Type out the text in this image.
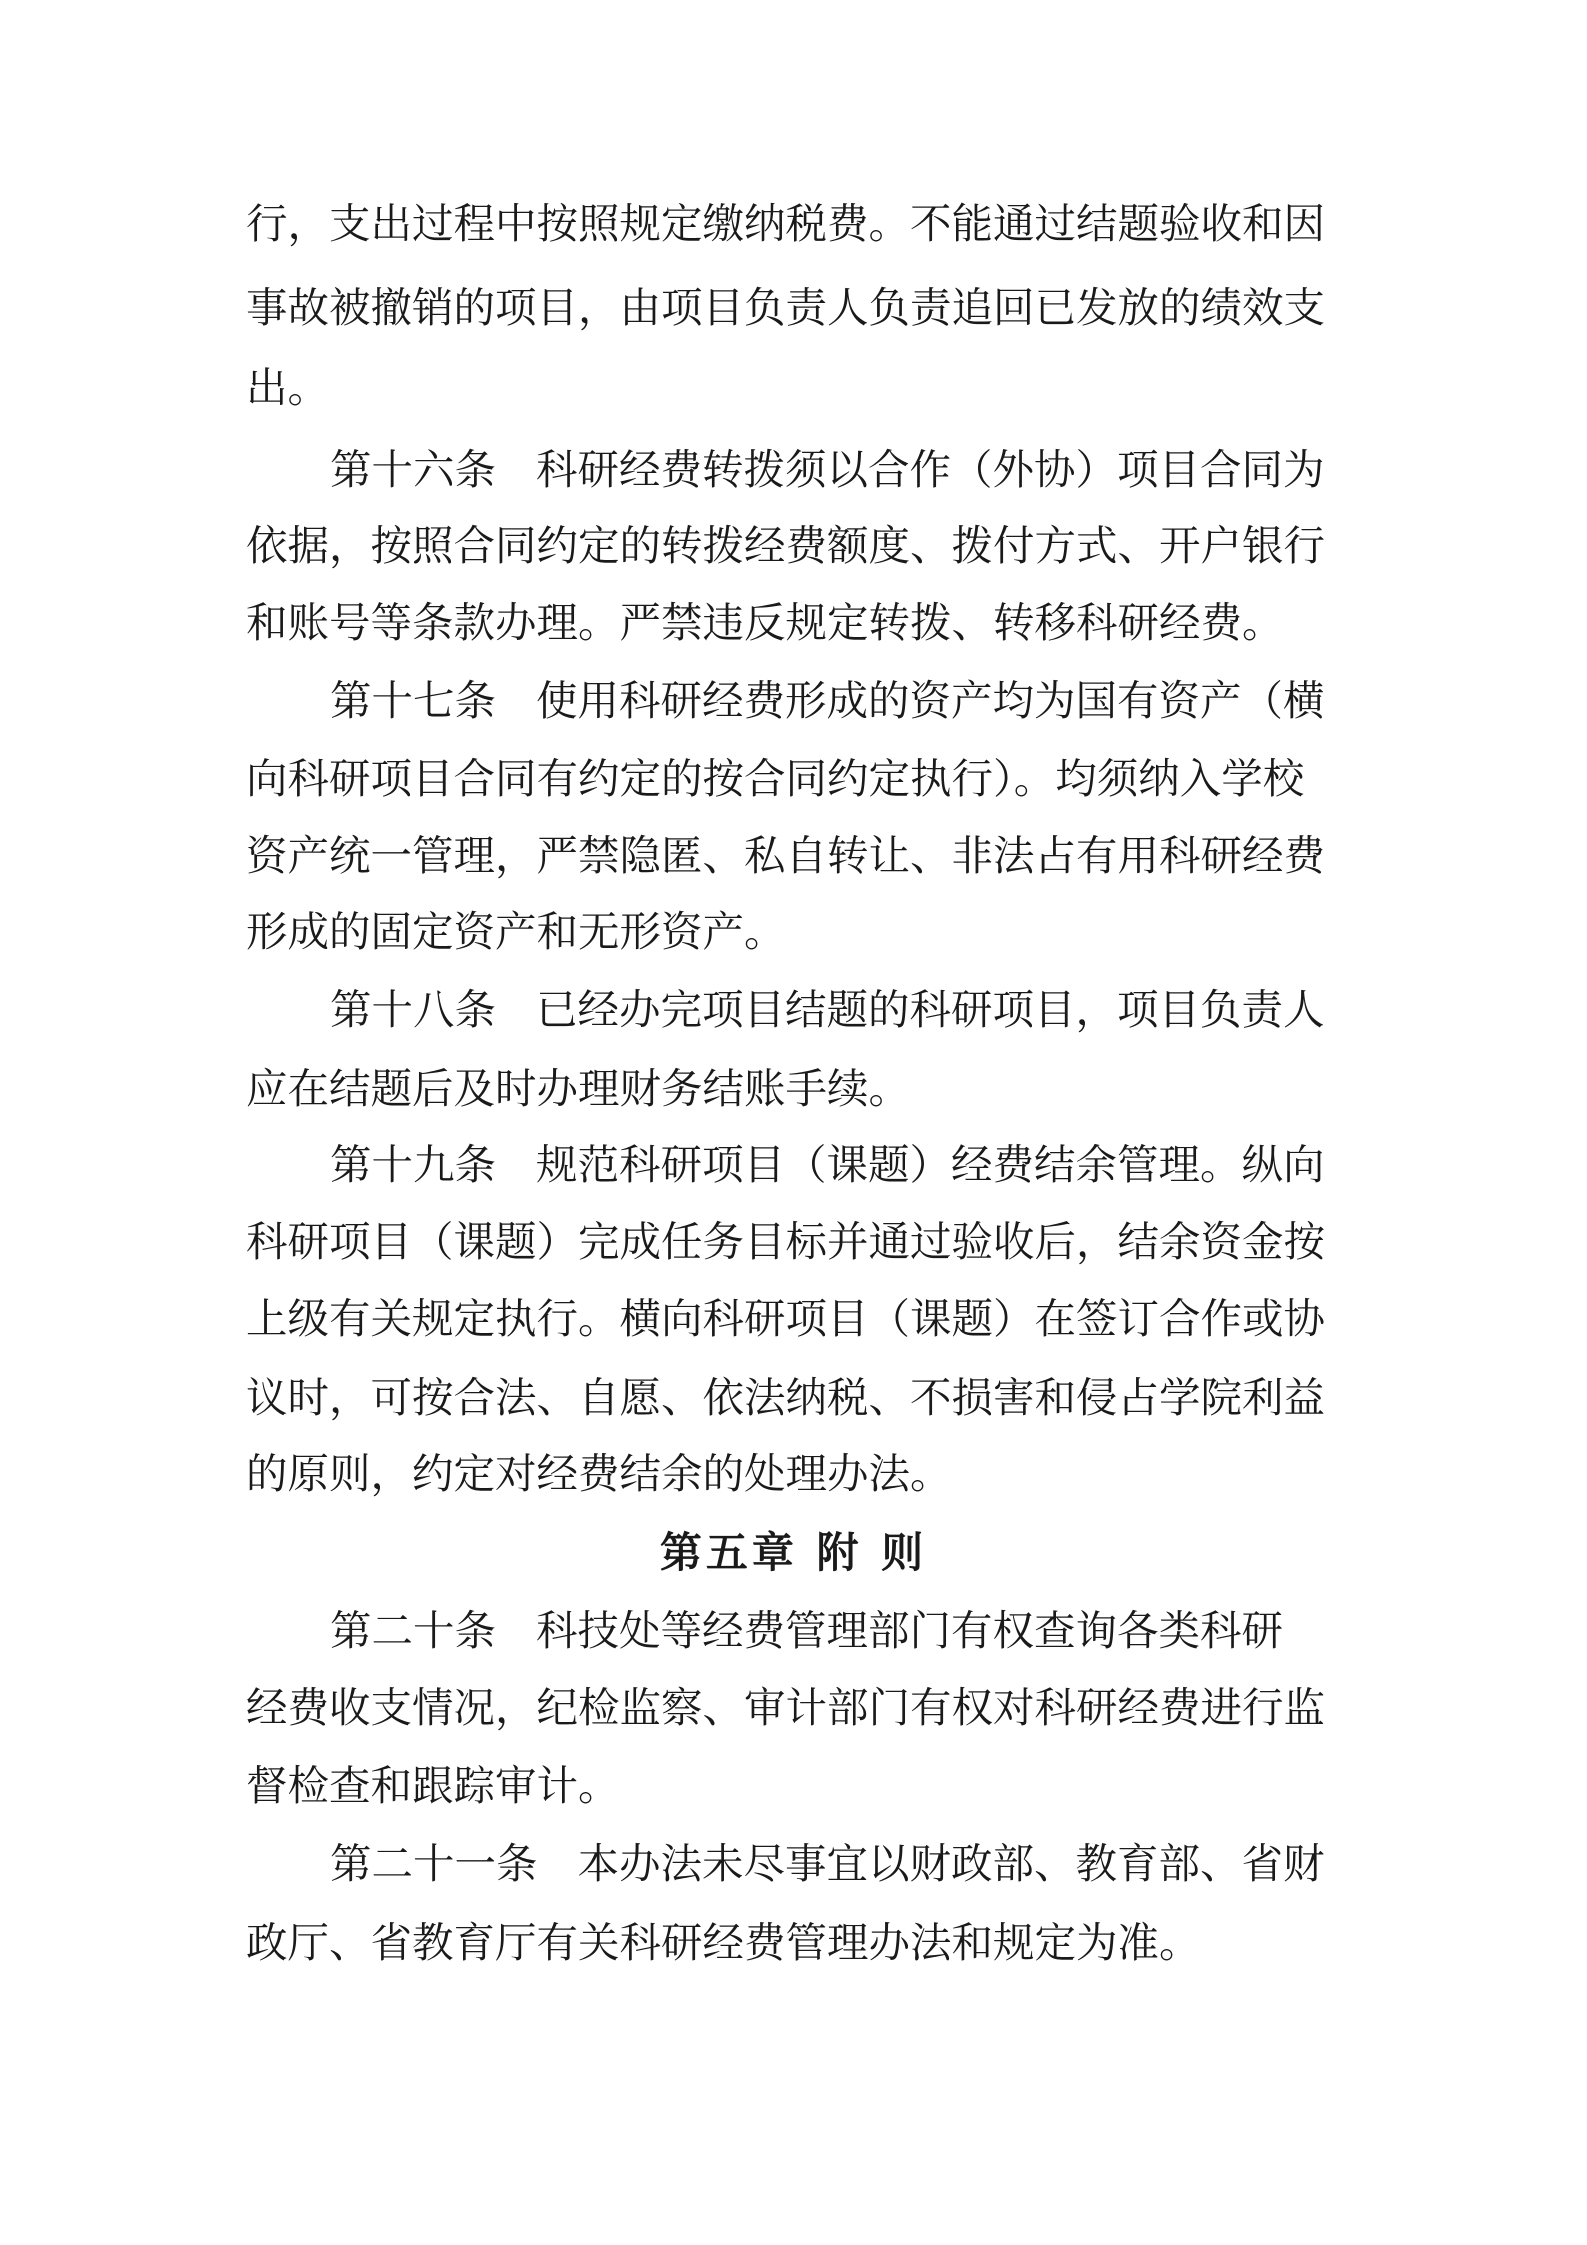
行，支出过程中按照规定缴纳税费。不能通过结题验收和因
事故被撤销的项目，由项目负责人负责追回已发放的绩效支
出。
第十六条 科研经费转拨须以合作（外协）项目合同为
依据，按照合同约定的转拨经费额度、拨付方式、开户银行
和账号等条款办理。严禁违反规定转拨、转移科研经费。
第十七条 使用科研经费形成的资产均为国有资产（横
向科研项目合同有约定的按合同约定执行）。均须纳入学校
资产统一管理，严禁隐匿、私自转让、非法占有用科研经费
形成的固定资产和无形资产。
第十八条 已经办完项目结题的科研项目，项目负责人
应在结题后及时办理财务结账手续。
第十九条 规范科研项目（课题）经费结余管理。纵向
科研项目（课题）完成任务目标并通过验收后，结余资金按
上级有关规定执行。横向科研项目（课题）在签订合作或协
议时，可按合法、自愿、依法纳税、不损害和侵占学院利益
的原则，约定对经费结余的处理办法。
第五章 附 则
第二十条 科技处等经费管理部门有权查询各类科研
经费收支情况，纪检监察、审计部门有权对科研经费进行监
督检查和跟踪审计。
第二十一条 本办法未尽事宜以财政部、教育部、省财
政厅、省教育厅有关科研经费管理办法和规定为准。
